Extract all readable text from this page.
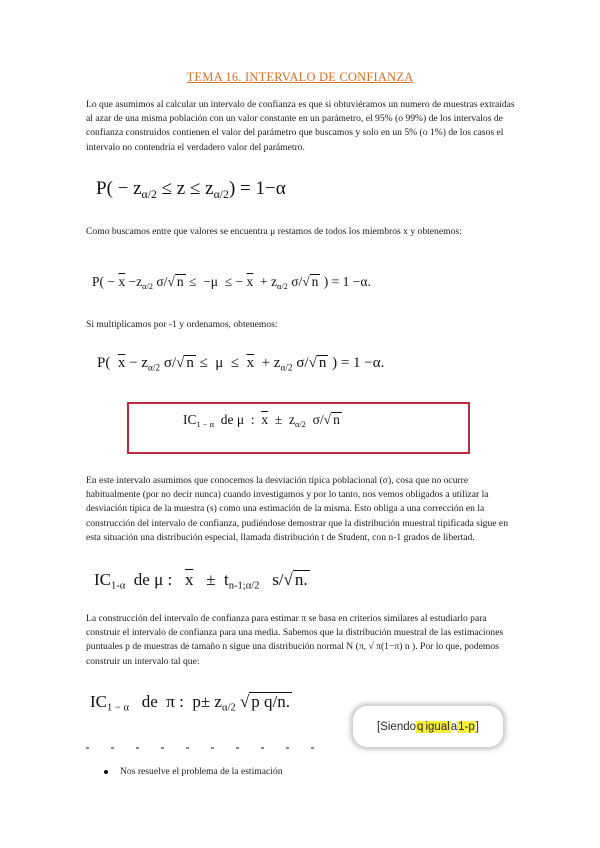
TEMA 16. INTERVALO DE CONFIANZA
Lo que asumimos al calcular un intervalo de confianza es que si obtuviéramos un numero de muestras extraídas al azar de una misma población con un valor constante en un parámetro, el 95% (o 99%) de los intervalos de confianza construidos contienen el valor del parámetro que buscamos y solo en un 5% (o 1%) de los casos el intervalo no contendría el verdadero valor del parámetro.
$P( - z_{\alpha/2} \le z \le z_{\alpha/2}) = 1-\alpha$
Como buscamos entre que valores se encuentra μ restamos de todos los miembros x y obtenemos:
$P( - \overline{x} -z_{\alpha/2}$ σ/√ n ≤  −μ  ≤ − $\overline{x} + z_{\alpha/2}$ σ/√ n ) = 1 −α.
Si multiplicamos por -1 y ordenamos, obtenemos:
P(  $\overline{x} - z_{\alpha/2}$ σ/√ $n \le \mu \le \overline{x} + z_{\alpha/2}$ σ/√ n ) = 1 −α.
$IC_{1 - \alpha}$  de μ  :  $\overline{x} \pm z_{\alpha/2}$  σ/√ n
En este intervalo asumimos que conocemos la desviación típica poblacional (σ), cosa que no ocurre habitualmente (por no decir nunca) cuando investigamos y por lo tanto, nos vemos obligados a utilizar la desviación típica de la muestra (s) como una estimación de la misma. Esto obliga a una corrección en la construcción del intervalo de confianza, pudiéndose demostrar que la distribución muestral tipificada sigue en esta situación una distribución especial, llamada distribución t de Student, con n-1 grados de libertad.
$IC_{1-\alpha}$  de μ :   $\overline{x} \pm t_{n-1;\alpha/2}$   s/√ n.
La construcción del intervalo de confianza para estimar π se basa en criterios similares al estudiarlo para construir el intervalo de confianza para una media. Sabemos que la distribución muestral de las estimaciones puntuales p de muestras de tamaño n sigue una distribución normal N (π, √ π(1−π) n ). Por lo que, podemos construir un intervalo tal que:
$IC_{1 - \alpha}$   de  π :  $p\pm z_{\alpha/2}$ √ p q/n.
[Siendo q igual a 1-p ]
Nos resuelve el problema de la estimación
